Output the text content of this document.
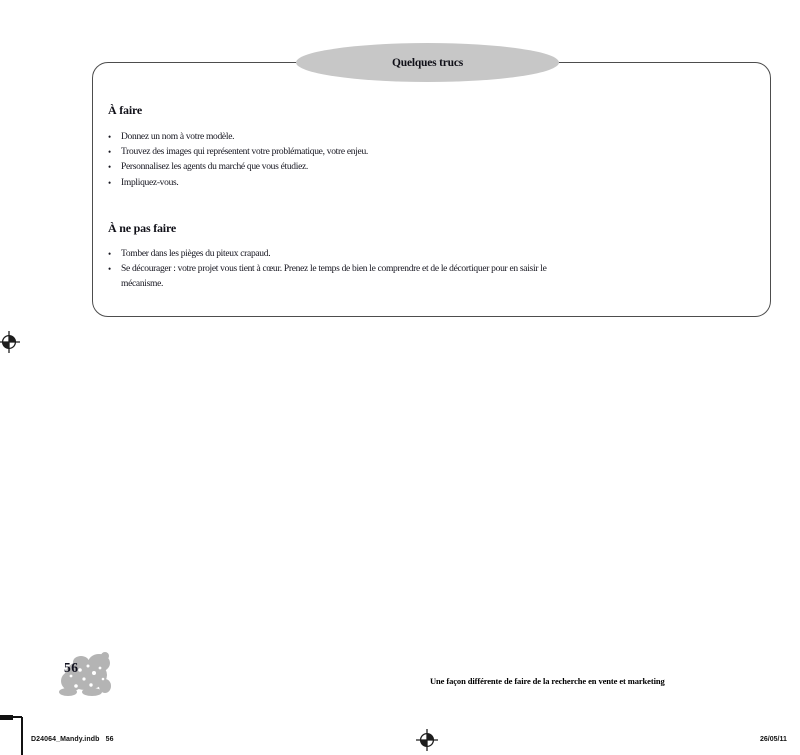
Quelques trucs
À faire
•	Donnez un nom à votre modèle.
•	Trouvez des images qui représentent votre problématique, votre enjeu.
•	Personnalisez les agents du marché que vous étudiez.
•	Impliquez-vous.
À ne pas faire
•	Tomber dans les pièges du piteux crapaud.
•	Se décourager : votre projet vous tient à cœur. Prenez le temps de bien le comprendre et de le décortiquer pour en saisir le mécanisme.
56
Une façon différente de faire de la recherche en vente et marketing
D24064_Mandy.indb   56	26/05/11
